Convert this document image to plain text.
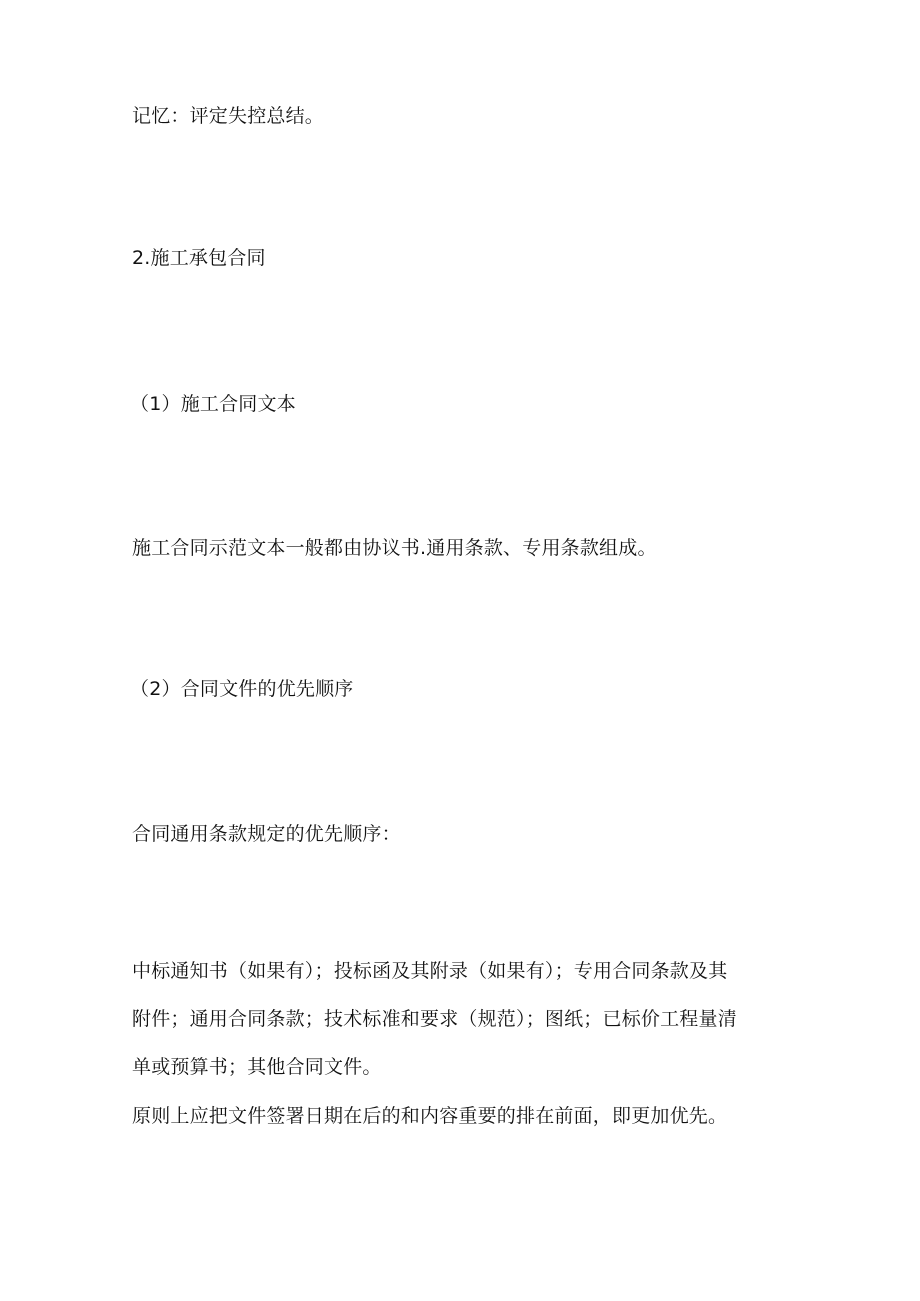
记忆：评定失控总结。

2.施工承包合同

（1）施工合同文本

施工合同示范文本一般都由协议书.通用条款、专用条款组成。

（2）合同文件的优先顺序

合同通用条款规定的优先顺序：

中标通知书（如果有）；投标函及其附录（如果有）；专用合同条款及其
附件；通用合同条款；技术标准和要求（规范）；图纸；已标价工程量清
单或预算书；其他合同文件。

原则上应把文件签署日期在后的和内容重要的排在前面，即更加优先。
